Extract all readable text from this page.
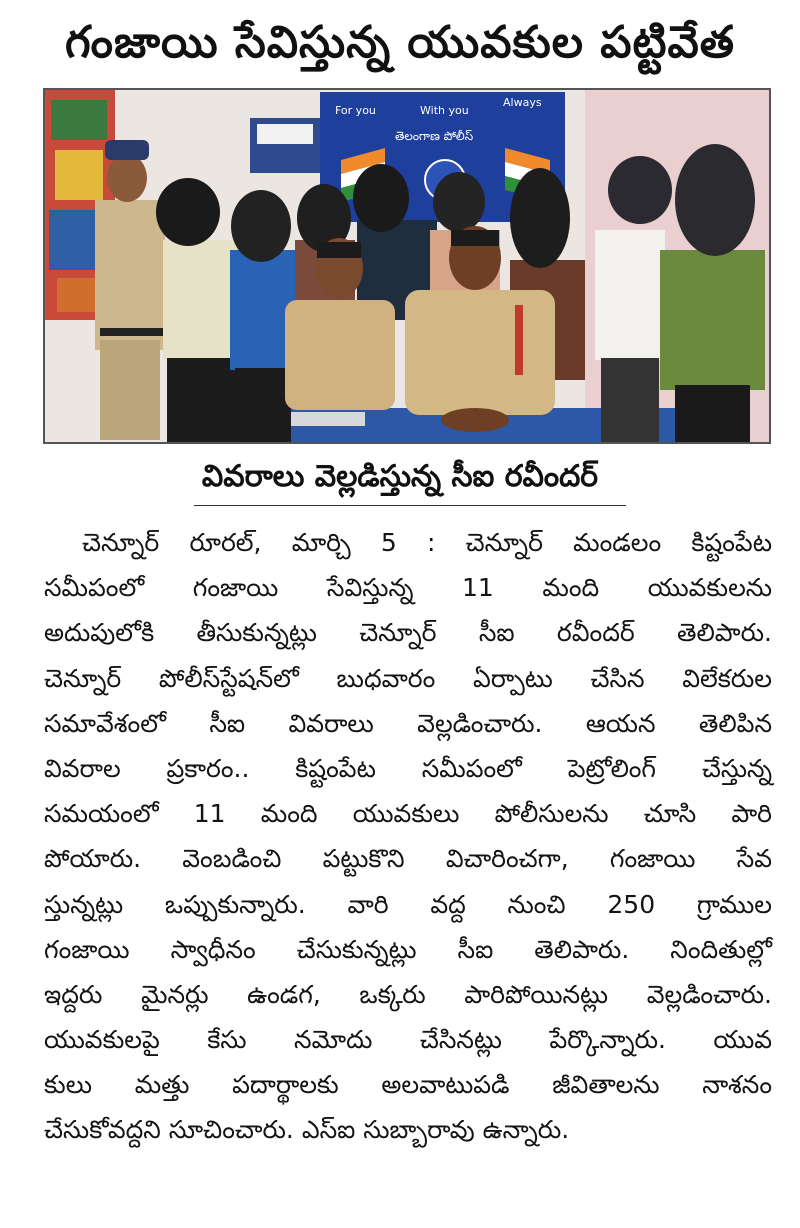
గంజాయి సేవిస్తున్న యువకుల పట్టివేత
For you	With you
Always
తెలంగాణ పోలీస్
వివరాలు వెల్లడిస్తున్న సీఐ రవీందర్
చెన్నూర్ రూరల్, మార్చి 5 : చెన్నూర్ మండలం కిష్టంపేట
సమీపంలో గంజాయి సేవిస్తున్న 11 మంది యువకులను
అదుపులోకి తీసుకున్నట్లు చెన్నూర్ సీఐ రవీందర్ తెలిపారు.
చెన్నూర్ పోలీస్‌స్టేషన్‌లో బుధవారం ఏర్పాటు చేసిన విలేకరుల
సమావేశంలో సీఐ వివరాలు వెల్లడించారు. ఆయన తెలిపిన
వివరాల ప్రకారం.. కిష్టంపేట సమీపంలో పెట్రోలింగ్ చేస్తున్న
సమయంలో 11 మంది యువకులు పోలీసులను చూసి పారి
పోయారు. వెంబడించి పట్టుకొని విచారించగా, గంజాయి సేవ
స్తున్నట్లు ఒప్పుకున్నారు. వారి వద్ద నుంచి 250 గ్రాముల
గంజాయి స్వాధీనం చేసుకున్నట్లు సీఐ తెలిపారు. నిందితుల్లో
ఇద్దరు మైనర్లు ఉండగ, ఒక్కరు పారిపోయినట్లు వెల్లడించారు.
యువకులపై కేసు నమోదు చేసినట్లు పేర్కొన్నారు. యువ
కులు మత్తు పదార్థాలకు అలవాటుపడి జీవితాలను నాశనం
చేసుకోవద్దని సూచించారు. ఎస్ఐ సుబ్బారావు ఉన్నారు.
